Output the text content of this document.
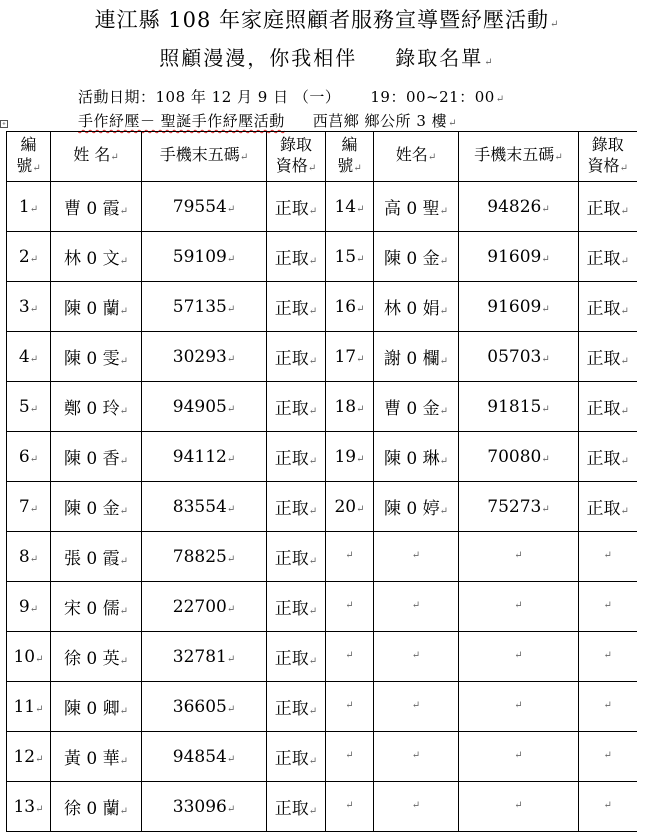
連江縣 108 年家庭照顧者服務宣導暨紓壓活動↵
照顧漫漫，你我相伴 錄取名單↵
活動日期：108 年 12 月 9 日 （一） 19：00~21：00↵
+	手作紓壓－ 聖誕手作紓壓活動 西莒鄉 鄉公所 3 樓↵
編
號↵	姓 名↵	手機末五碼↵	錄取
資格↵	編
號↵	姓名↵	手機末五碼↵	錄取
資格↵
1↵	曹 0 霞↵	79554↵	正取↵	14↵	高 0 聖↵	94826↵	正取↵
2↵	林 0 文↵	59109↵	正取↵	15↵	陳 0 金↵	91609↵	正取↵
3↵	陳 0 蘭↵	57135↵	正取↵	16↵	林 0 娟↵	91609↵	正取↵
4↵	陳 0 雯↵	30293↵	正取↵	17↵	謝 0 欄↵	05703↵	正取↵
5↵	鄭 0 玲↵	94905↵	正取↵	18↵	曹 0 金↵	91815↵	正取↵
6↵	陳 0 香↵	94112↵	正取↵	19↵	陳 0 琳↵	70080↵	正取↵
7↵	陳 0 金↵	83554↵	正取↵	20↵	陳 0 婷↵	75273↵	正取↵
8↵	張 0 霞↵	78825↵	正取↵	↵	↵	↵	↵
9↵	宋 0 儒↵	22700↵	正取↵	↵	↵	↵	↵
10↵	徐 0 英↵	32781↵	正取↵	↵	↵	↵	↵
11↵	陳 0 卿↵	36605↵	正取↵	↵	↵	↵	↵
12↵	黃 0 華↵	94854↵	正取↵	↵	↵	↵	↵
13↵	徐 0 蘭↵	33096↵	正取↵	↵	↵	↵	↵
